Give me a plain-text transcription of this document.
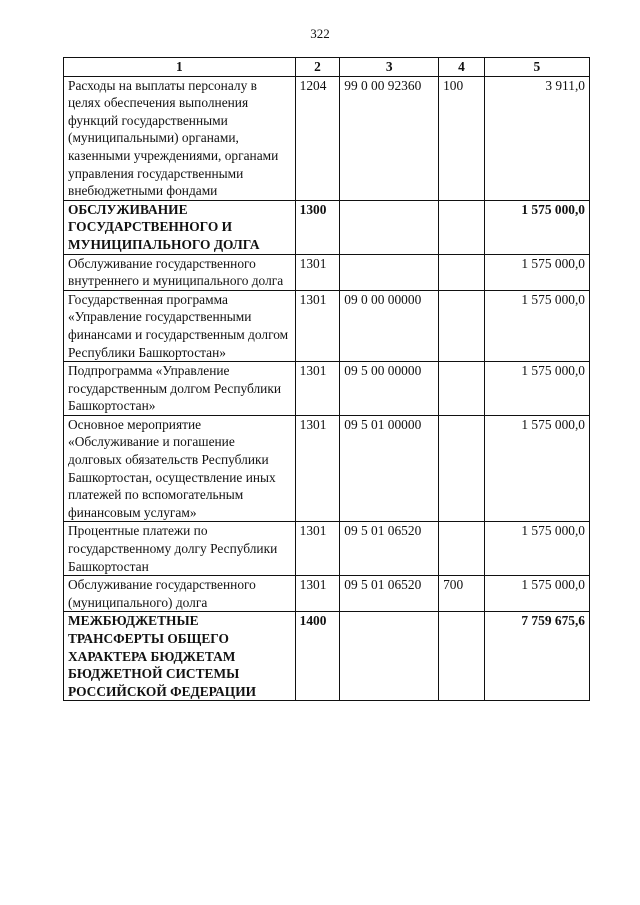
322
1	2	3	4	5
Расходы на выплаты персоналу в целях обеспечения выполнения функций государственными (муниципальными) органами, казенными учреждениями, органами управления государственными внебюджетными фондами	1204	99 0 00 92360	100	3 911,0
ОБСЛУЖИВАНИЕ ГОСУДАРСТВЕННОГО И МУНИЦИПАЛЬНОГО ДОЛГА	1300			1 575 000,0
Обслуживание государственного внутреннего и муниципального долга	1301			1 575 000,0
Государственная программа «Управление государственными финансами и государственным долгом Республики Башкортостан»	1301	09 0 00 00000		1 575 000,0
Подпрограмма «Управление государственным долгом Республики Башкортостан»	1301	09 5 00 00000		1 575 000,0
Основное мероприятие «Обслуживание и погашение долговых обязательств Республики Башкортостан, осуществление иных платежей по вспомогательным финансовым услугам»	1301	09 5 01 00000		1 575 000,0
Процентные платежи по государственному долгу Республики Башкортостан	1301	09 5 01 06520		1 575 000,0
Обслуживание государственного (муниципального) долга	1301	09 5 01 06520	700	1 575 000,0
МЕЖБЮДЖЕТНЫЕ ТРАНСФЕРТЫ ОБЩЕГО ХАРАКТЕРА БЮДЖЕТАМ БЮДЖЕТНОЙ СИСТЕМЫ РОССИЙСКОЙ ФЕДЕРАЦИИ	1400			7 759 675,6
